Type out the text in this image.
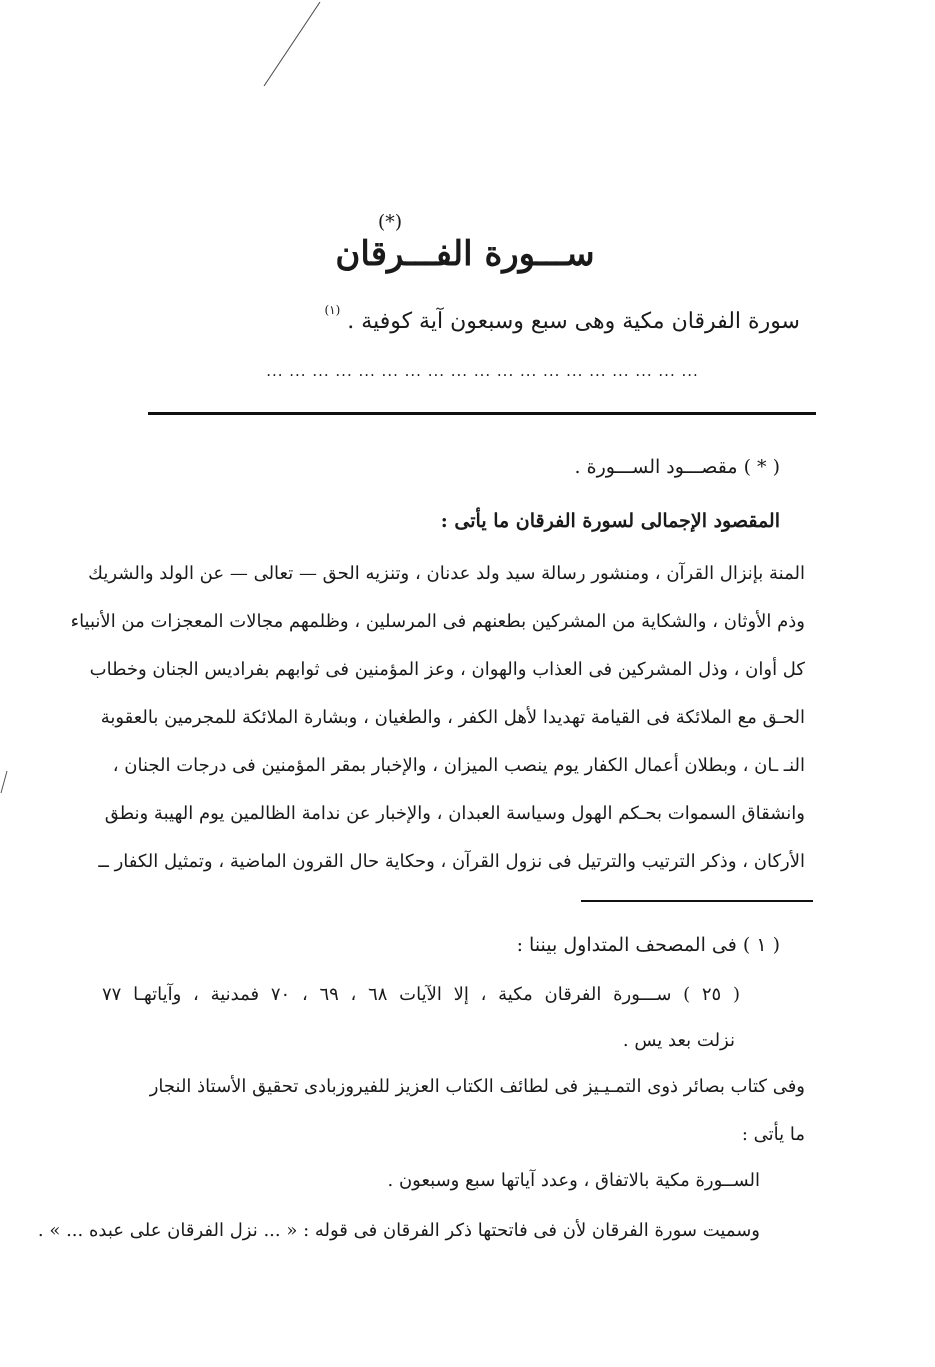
(*)
ســـورة الفـــرقان
سورة الفرقان مكية وهى سبع وسبعون آية كوفية . $^{(١)}$
... ... ... ... ... ... ... ... ... ... ... ... ... ... ... ... ... ... ...
( * ) مقصـــود الســـورة .
المقصود الإجمالى لسورة الفرقان ما يأتى :
المنة بإنزال القرآن ، ومنشور رسالة سيد ولد عدنان ، وتنزيه الحق — تعالى — عن الولد والشريك
وذم الأوثان ، والشكاية من المشركين بطعنهم فى المرسلين ، وظلمهم مجالات المعجزات من الأنبياء
كل أوان ، وذل المشركين فى العذاب والهوان ، وعز المؤمنين فى ثوابهم بفراديس الجنان وخطاب
الحـق مع الملائكة فى القيامة تهديدا لأهل الكفر ، والطغيان ، وبشارة الملائكة للمجرمين بالعقوبة
النـ ـان ، وبطلان أعمال الكفار يوم ينصب الميزان ، والإخبار بمقر المؤمنين فى درجات الجنان ،
وانشقاق السموات بحـكم الهول وسياسة العبدان ، والإخبار عن ندامة الظالمين يوم الهيبة ونطق
الأركان ، وذكر الترتيب والترتيل فى نزول القرآن ، وحكاية حال القرون الماضية ، وتمثيل الكفار ــ
( ١ ) فى المصحف المتداول بيننا :
( ٢٥ ) ســـورة الفرقان مكية ، إلا الآيات ٦٨ ، ٦٩ ، ٧٠ فمدنية ، وآياتهـا ٧٧
نزلت بعد يس .
وفى كتاب بصائر ذوى التمـيـيز فى لطائف الكتاب العزيز للفيروزبادى تحقيق الأستاذ النجار
ما يأتى :
الســورة مكية بالاتفاق ، وعدد آياتها سبع وسبعون .
وسميت سورة الفرقان لأن فى فاتحتها ذكر الفرقان فى قوله : « ... نزل الفرقان على عبده ... » .
